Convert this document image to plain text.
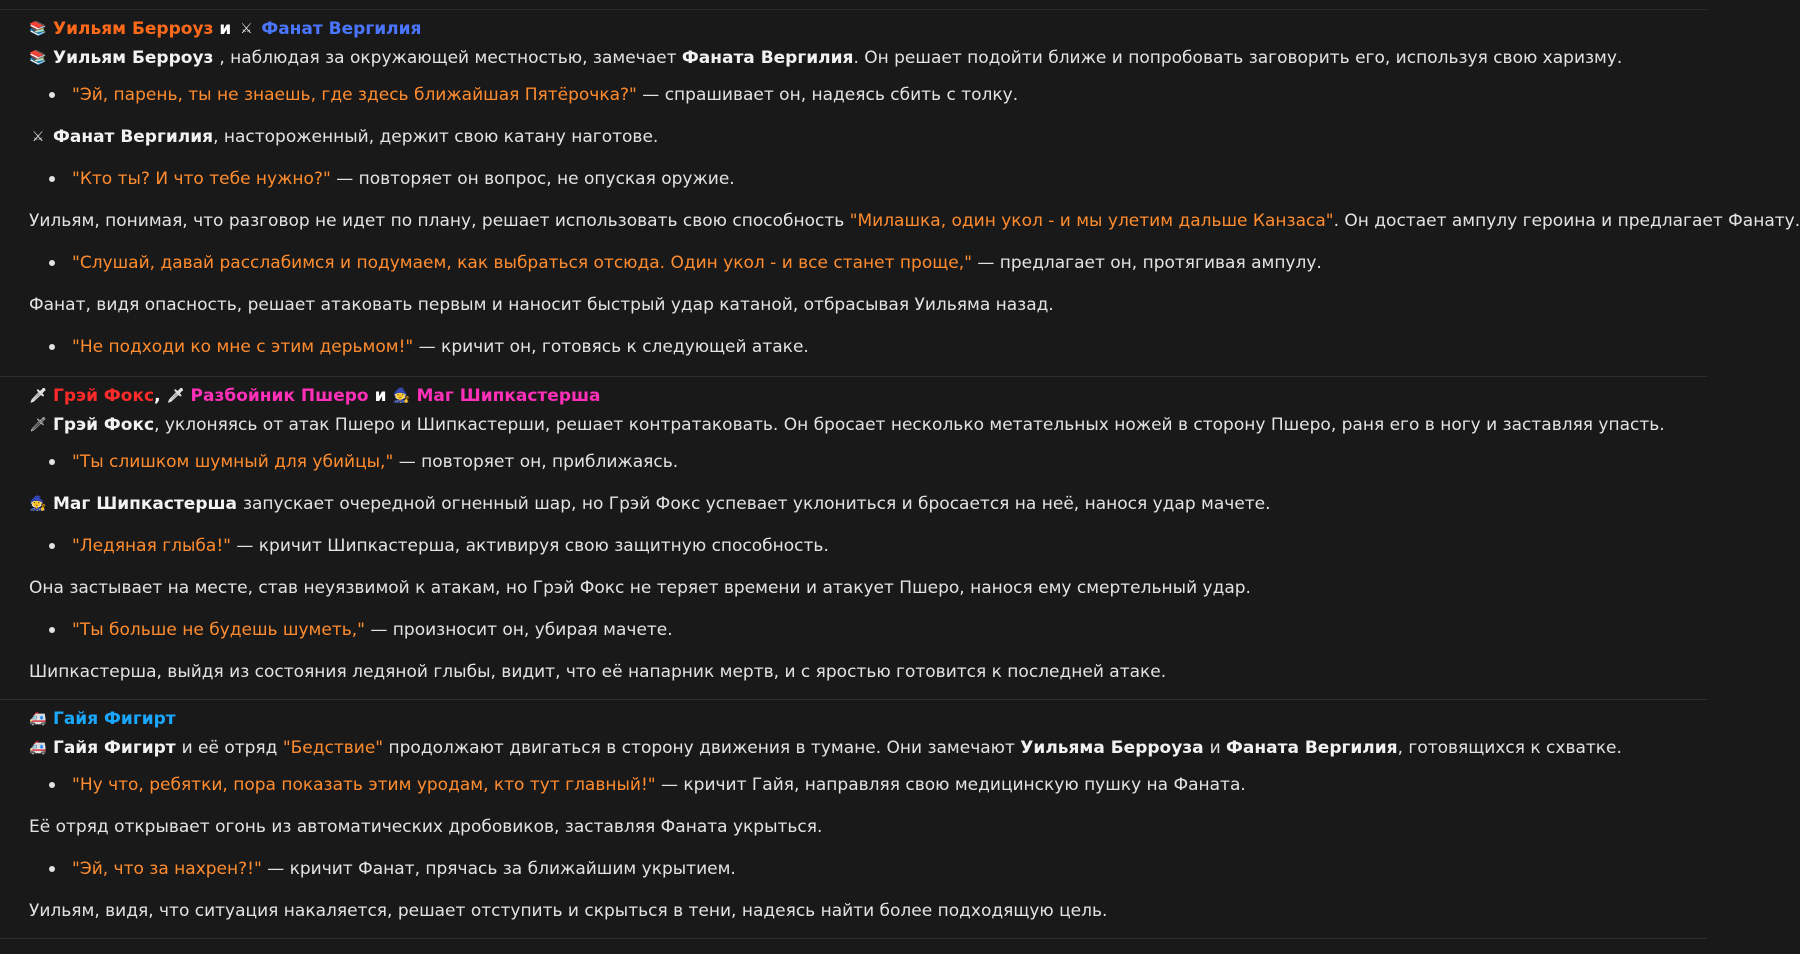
📚 Уильям Берроуз и ⚔ Фанат Вергилия
📚 Уильям Берроуз , наблюдая за окружающей местностью, замечает Фаната Вергилия . Он решает подойти ближе и попробовать заговорить его, используя свою харизму.
"Эй, парень, ты не знаешь, где здесь ближайшая Пятёрочка?" — спрашивает он, надеясь сбить с толку.
⚔ Фанат Вергилия , настороженный, держит свою катану наготове.
"Кто ты? И что тебе нужно?" — повторяет он вопрос, не опуская оружие.
Уильям, понимая, что разговор не идет по плану, решает использовать свою способность "Милашка, один укол - и мы улетим дальше Канзаса" . Он достает ампулу героина и предлагает Фанату.
"Слушай, давай расслабимся и подумаем, как выбраться отсюда. Один укол - и все станет проще," — предлагает он, протягивая ампулу.
Фанат, видя опасность, решает атаковать первым и наносит быстрый удар катаной, отбрасывая Уильяма назад.
"Не подходи ко мне с этим дерьмом!" — кричит он, готовясь к следующей атаке.
🗡 Грэй Фокс , 🗡 Разбойник Пшеро и 🧙 Маг Шипкастерша
🗡 Грэй Фокс , уклоняясь от атак Пшеро и Шипкастерши, решает контратаковать. Он бросает несколько метательных ножей в сторону Пшеро, раня его в ногу и заставляя упасть.
"Ты слишком шумный для убийцы," — повторяет он, приближаясь.
🧙 Маг Шипкастерша запускает очередной огненный шар, но Грэй Фокс успевает уклониться и бросается на неё, нанося удар мачете.
"Ледяная глыба!" — кричит Шипкастерша, активируя свою защитную способность.
Она застывает на месте, став неуязвимой к атакам, но Грэй Фокс не теряет времени и атакует Пшеро, нанося ему смертельный удар.
"Ты больше не будешь шуметь," — произносит он, убирая мачете.
Шипкастерша, выйдя из состояния ледяной глыбы, видит, что её напарник мертв, и с яростью готовится к последней атаке.
🚑 Гайя Фигирт
🚑 Гайя Фигирт и её отряд "Бедствие" продолжают двигаться в сторону движения в тумане. Они замечают Уильяма Берроуза и Фаната Вергилия , готовящихся к схватке.
"Ну что, ребятки, пора показать этим уродам, кто тут главный!" — кричит Гайя, направляя свою медицинскую пушку на Фаната.
Её отряд открывает огонь из автоматических дробовиков, заставляя Фаната укрыться.
"Эй, что за нахрен?!" — кричит Фанат, прячась за ближайшим укрытием.
Уильям, видя, что ситуация накаляется, решает отступить и скрыться в тени, надеясь найти более подходящую цель.
